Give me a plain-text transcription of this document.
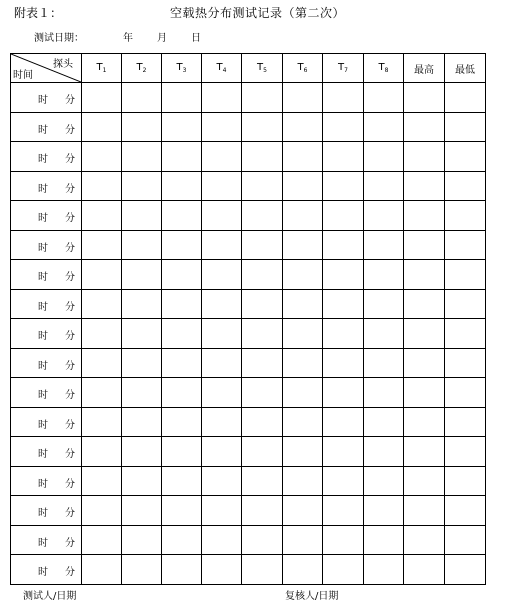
附表１：	空载热分布测试记录（第二次）
测试日期：	年 月 日
探头
时间	$T_1$	$T_2$	$T_3$	$T_4$	$T_5$	$T_6$	$T_7$	$T_8$	最高	最低

时 分										

时 分										

时 分										

时 分										

时 分										

时 分										

时 分										

时 分										

时 分										

时 分										

时 分										

时 分										

时 分										

时 分										

时 分										

时 分										

时 分										

测试人/日期	复核人/日期
